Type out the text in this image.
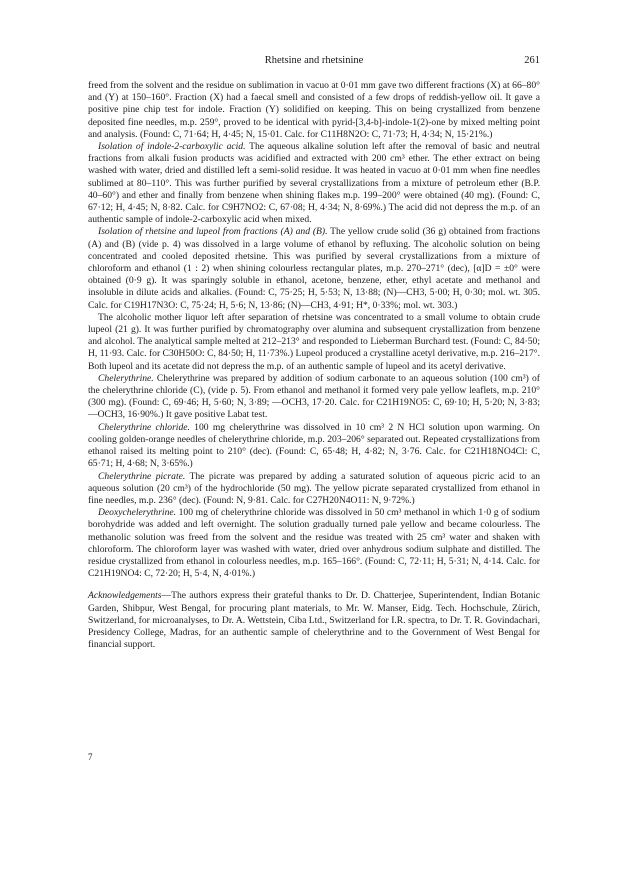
Rhetsine and rhetsinine	261

freed from the solvent and the residue on sublimation in vacuo at 0·01 mm gave two different fractions (X) at 66–80° and (Y) at 150–160°. Fraction (X) had a faecal smell and consisted of a few drops of reddish-yellow oil. It gave a positive pine chip test for indole. Fraction (Y) solidified on keeping. This on being crystallized from benzene deposited fine needles, m.p. 259°, proved to be identical with pyrid-[3,4-b]-indole-1(2)-one by mixed melting point and analysis. (Found: C, 71·64; H, 4·45; N, 15·01. Calc. for C11H8N2O: C, 71·73; H, 4·34; N, 15·21%.)

Isolation of indole-2-carboxylic acid. The aqueous alkaline solution left after the removal of basic and neutral fractions from alkali fusion products was acidified and extracted with 200 cm³ ether. The ether extract on being washed with water, dried and distilled left a semi-solid residue. It was heated in vacuo at 0·01 mm when fine needles sublimed at 80–110°. This was further purified by several crystallizations from a mixture of petroleum ether (B.P. 40–60°) and ether and finally from benzene when shining flakes m.p. 199–200° were obtained (40 mg). (Found: C, 67·12; H, 4·45; N, 8·82. Calc. for C9H7NO2: C, 67·08; H, 4·34; N, 8·69%.) The acid did not depress the m.p. of an authentic sample of indole-2-carboxylic acid when mixed.

Isolation of rhetsine and lupeol from fractions (A) and (B). The yellow crude solid (36 g) obtained from fractions (A) and (B) (vide p. 4) was dissolved in a large volume of ethanol by refluxing. The alcoholic solution on being concentrated and cooled deposited rhetsine. This was purified by several crystallizations from a mixture of chloroform and ethanol (1 : 2) when shining colourless rectangular plates, m.p. 270–271° (dec), [α]D = ±0° were obtained (0·9 g). It was sparingly soluble in ethanol, acetone, benzene, ether, ethyl acetate and methanol and insoluble in dilute acids and alkalies. (Found: C, 75·25; H, 5·53; N, 13·88; (N)—CH3, 5·00; H, 0·30; mol. wt. 305. Calc. for C19H17N3O: C, 75·24; H, 5·6; N, 13·86; (N)—CH3, 4·91; H*, 0·33%; mol. wt. 303.)

The alcoholic mother liquor left after separation of rhetsine was concentrated to a small volume to obtain crude lupeol (21 g). It was further purified by chromatography over alumina and subsequent crystallization from benzene and alcohol. The analytical sample melted at 212–213° and responded to Lieberman Burchard test. (Found: C, 84·50; H, 11·93. Calc. for C30H50O: C, 84·50; H, 11·73%.) Lupeol produced a crystalline acetyl derivative, m.p. 216–217°. Both lupeol and its acetate did not depress the m.p. of an authentic sample of lupeol and its acetyl derivative.

Chelerythrine. Chelerythrine was prepared by addition of sodium carbonate to an aqueous solution (100 cm³) of the chelerythrine chloride (C), (vide p. 5). From ethanol and methanol it formed very pale yellow leaflets, m.p. 210° (300 mg). (Found: C, 69·46; H, 5·60; N, 3·89; —OCH3, 17·20. Calc. for C21H19NO5: C, 69·10; H, 5·20; N, 3·83; —OCH3, 16·90%.) It gave positive Labat test.

Chelerythrine chloride. 100 mg chelerythrine was dissolved in 10 cm³ 2 N HCl solution upon warming. On cooling golden-orange needles of chelerythrine chloride, m.p. 203–206° separated out. Repeated crystallizations from ethanol raised its melting point to 210° (dec). (Found: C, 65·48; H, 4·82; N, 3·76. Calc. for C21H18NO4Cl: C, 65·71; H, 4·68; N, 3·65%.)

Chelerythrine picrate. The picrate was prepared by adding a saturated solution of aqueous picric acid to an aqueous solution (20 cm³) of the hydrochloride (50 mg). The yellow picrate separated crystallized from ethanol in fine needles, m.p. 236° (dec). (Found: N, 9·81. Calc. for C27H20N4O11: N, 9·72%.)

Deoxychelerythrine. 100 mg of chelerythrine chloride was dissolved in 50 cm³ methanol in which 1·0 g of sodium borohydride was added and left overnight. The solution gradually turned pale yellow and became colourless. The methanolic solution was freed from the solvent and the residue was treated with 25 cm³ water and shaken with chloroform. The chloroform layer was washed with water, dried over anhydrous sodium sulphate and distilled. The residue crystallized from ethanol in colourless needles, m.p. 165–166°. (Found: C, 72·11; H, 5·31; N, 4·14. Calc. for C21H19NO4: C, 72·20; H, 5·4, N, 4·01%.)

Acknowledgements—The authors express their grateful thanks to Dr. D. Chatterjee, Superintendent, Indian Botanic Garden, Shibpur, West Bengal, for procuring plant materials, to Mr. W. Manser, Eidg. Tech. Hochschule, Zürich, Switzerland, for microanalyses, to Dr. A. Wettstein, Ciba Ltd., Switzerland for I.R. spectra, to Dr. T. R. Govindachari, Presidency College, Madras, for an authentic sample of chelerythrine and to the Government of West Bengal for financial support.

7
